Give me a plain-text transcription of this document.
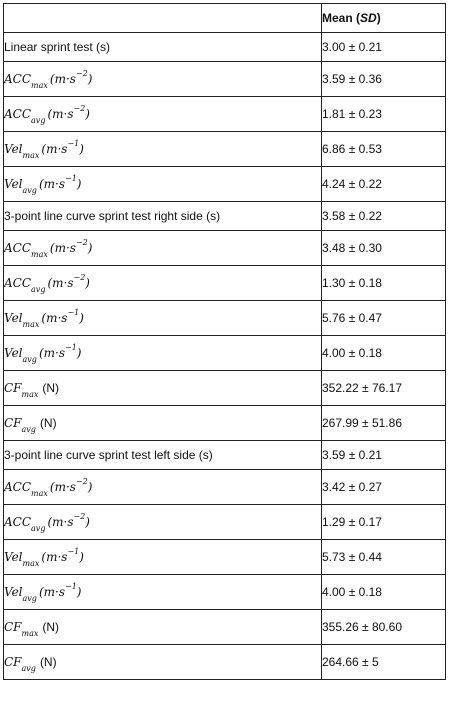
	Mean (SD)
Linear sprint test (s)	3.00 ± 0.21
$ACC_{max}$ $(m\cdot s^{-2})$	3.59 ± 0.36
$ACC_{avg}$ $(m\cdot s^{-2})$	1.81 ± 0.23
Vel$_{max}$ $(m\cdot s^{-1})$	6.86 ± 0.53
Vel$_{avg}$ $(m\cdot s^{-1})$	4.24 ± 0.22
3-point line curve sprint test right side (s)	3.58 ± 0.22
$ACC_{max}$ $(m\cdot s^{-2})$	3.48 ± 0.30
$ACC_{avg}$ $(m\cdot s^{-2})$	1.30 ± 0.18
Vel$_{max}$ $(m\cdot s^{-1})$	5.76 ± 0.47
Vel$_{avg}$ $(m\cdot s^{-1})$	4.00 ± 0.18
$CF_{max}$ (N)	352.22 ± 76.17
$CF_{avg}$ (N)	267.99 ± 51.86
3-point line curve sprint test left side (s)	3.59 ± 0.21
$ACC_{max}$ $(m\cdot s^{-2})$	3.42 ± 0.27
$ACC_{avg}$ $(m\cdot s^{-2})$	1.29 ± 0.17
Vel$_{max}$ $(m\cdot s^{-1})$	5.73 ± 0.44
Vel$_{avg}$ $(m\cdot s^{-1})$	4.00 ± 0.18
$CF_{max}$ (N)	355.26 ± 80.60
$CF_{avg}$ (N)	264.66 ± 5
